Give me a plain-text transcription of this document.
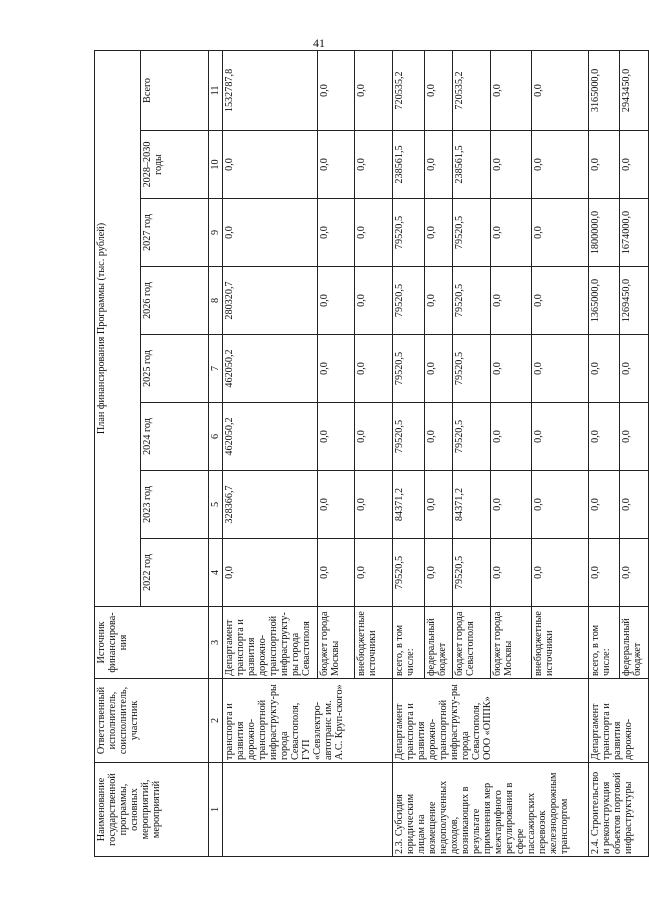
41
Наименование государственной программы, основных мероприятий, мероприятий	Ответственный исполнитель, соисполнитель, участник	Источник финансирова-ния	План финансирования Программы (тыс. рублей)							
			2022 год	2023 год	2024 год	2025 год	2026 год	2027 год	2028–2030 годы	Всего
1	2	3	4	5	6	7	8	9	10	11
	транспорта и развития дорожно-транспортной инфраструкту-ры города Севастополя, ГУП «Севэлектро-автотранс им. А.С. Круп-ского»	Департамент транспорта и развития дорожно-транспортной инфраструкту-ры города Севастополя	0,0	328366,7	462050,2	462050,2	280320,7	0,0	0,0	1532787,8
		бюджет города Москвы	0,0	0,0	0,0	0,0	0,0	0,0	0,0	0,0
		внебюджетные источники	0,0	0,0	0,0	0,0	0,0	0,0	0,0	0,0
2.3. Субсидия юридическим лицам на возмещение недополученных доходов, возникающих в результате применения мер межтарифного регулирования в сфере пассажирских перевозок железнодорожным транспортом	Департамент транспорта и развития дорожно-транспортной инфраструкту-ры города Севастополя, ООО «ОППК»	всего, в том числе:	79520,5	84371,2	79520,5	79520,5	79520,5	79520,5	238561,5	720535,2
		федеральный бюджет	0,0	0,0	0,0	0,0	0,0	0,0	0,0	0,0
		бюджет города Севастополя	79520,5	84371,2	79520,5	79520,5	79520,5	79520,5	238561,5	720535,2
		бюджет города Москвы	0,0	0,0	0,0	0,0	0,0	0,0	0,0	0,0
		внебюджетные источники	0,0	0,0	0,0	0,0	0,0	0,0	0,0	0,0
2.4. Строительство и реконструкция объектов портовой инфраструктуры	Департамент транспорта и развития дорожно-	всего, в том числе:	0,0	0,0	0,0	0,0	1365000,0	1800000,0	0,0	3165000,0
		федеральный бюджет	0,0	0,0	0,0	0,0	1269450,0	1674000,0	0,0	2943450,0
